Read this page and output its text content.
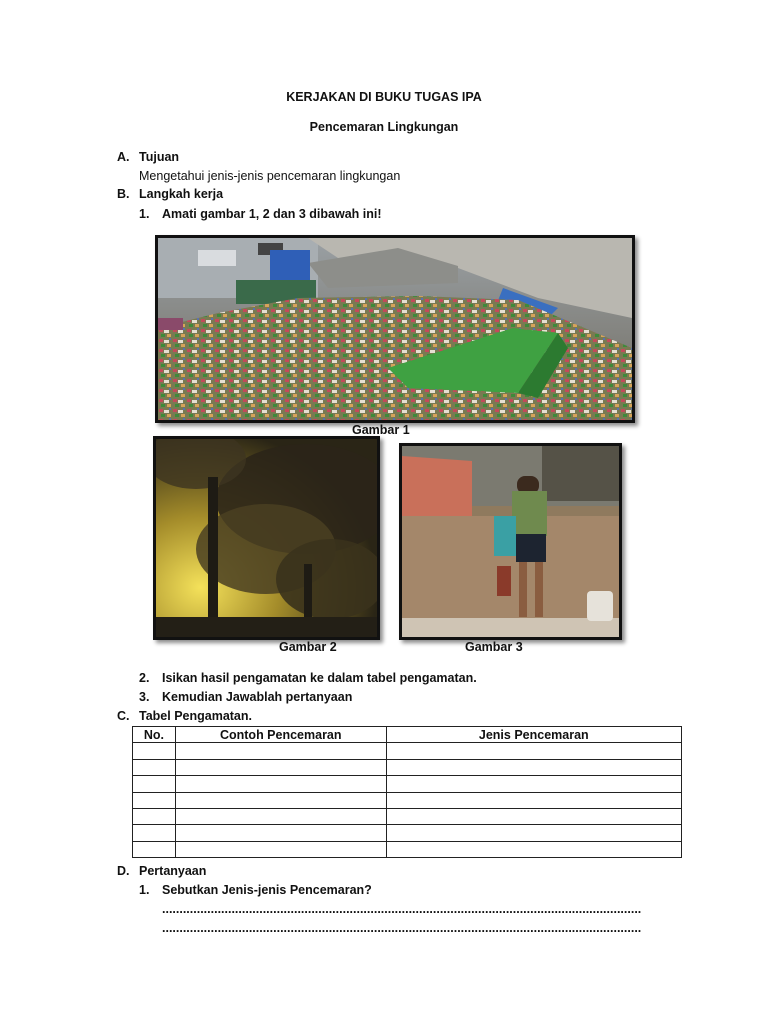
KERJAKAN DI BUKU TUGAS IPA
Pencemaran Lingkungan
A. Tujuan
Mengetahui jenis-jenis pencemaran lingkungan
B. Langkah kerja
1. Amati gambar 1, 2 dan 3 dibawah ini!
Gambar 1
Gambar 2	Gambar 3
2. Isikan hasil pengamatan ke dalam tabel pengamatan.
3. Kemudian Jawablah pertanyaan
C. Tabel Pengamatan.
No.	Contoh Pencemaran	Jenis Pencemaran

D. Pertanyaan
1. Sebutkan Jenis-jenis Pencemaran?
..........................................................................................................................................
..........................................................................................................................................
